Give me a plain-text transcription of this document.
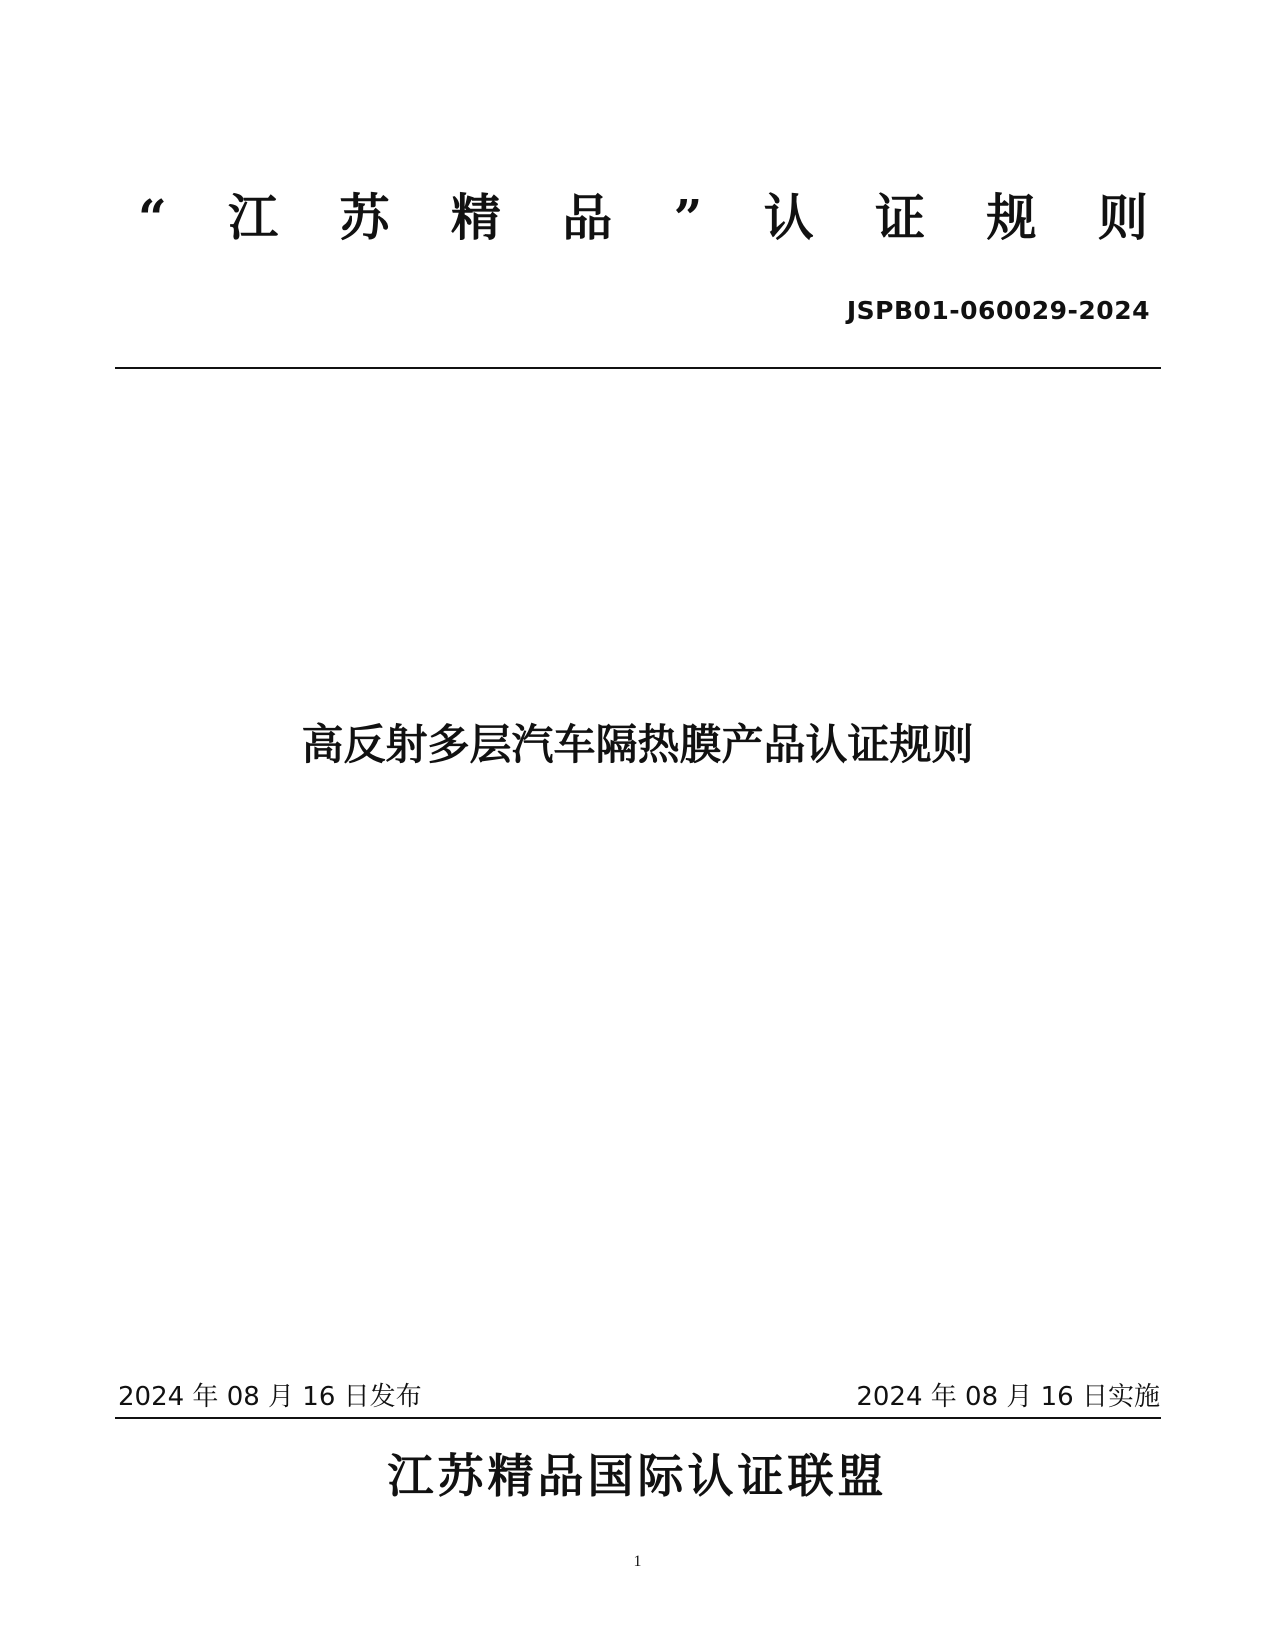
“ 江 苏 精 品 ” 认 证 规 则
JSPB01-060029-2024
高反射多层汽车隔热膜产品认证规则
2024 年 08 月 16 日发布	2024 年 08 月 16 日实施
江苏精品国际认证联盟
1
